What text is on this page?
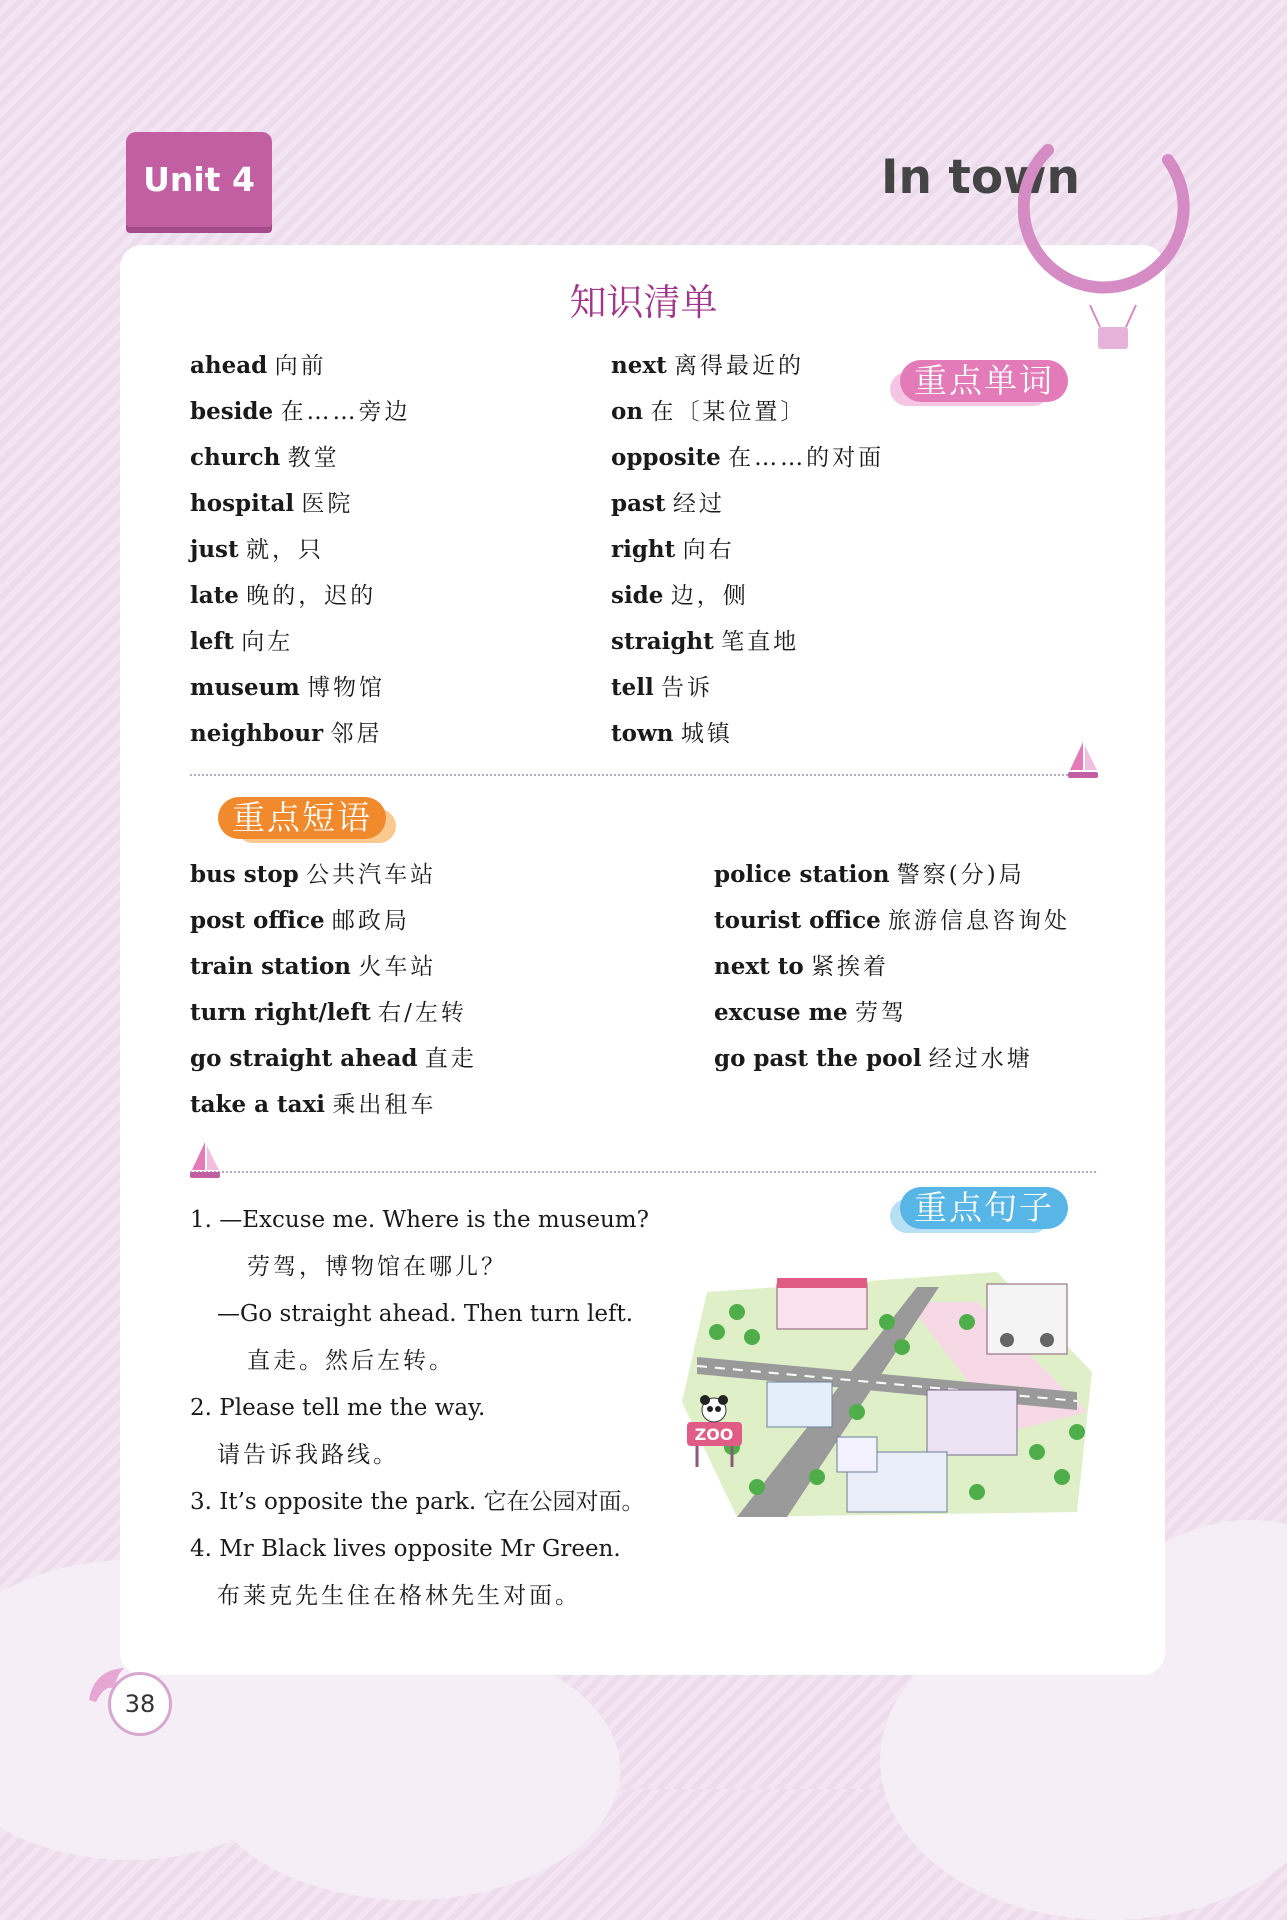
Unit 4	In town
知识清单
重点单词
ahead 向前
beside 在……旁边
church 教堂
hospital 医院
just 就，只
late 晚的，迟的
left 向左
museum 博物馆
neighbour 邻居
next 离得最近的
on 在〔某位置〕
opposite 在……的对面
past 经过
right 向右
side 边，侧
straight 笔直地
tell 告诉
town 城镇
重点短语
bus stop 公共汽车站
post office 邮政局
train station 火车站
turn right/left 右/左转
go straight ahead 直走
take a taxi 乘出租车
police station 警察(分)局
tourist office 旅游信息咨询处
next to 紧挨着
excuse me 劳驾
go past the pool 经过水塘
重点句子
1. —Excuse me. Where is the museum?
劳驾，博物馆在哪儿？
—Go straight ahead. Then turn left.
直走。然后左转。
2. Please tell me the way.
请告诉我路线。
3. It’s opposite the park. 它在公园对面。
4. Mr Black lives opposite Mr Green.
布莱克先生住在格林先生对面。
ZOO
38
